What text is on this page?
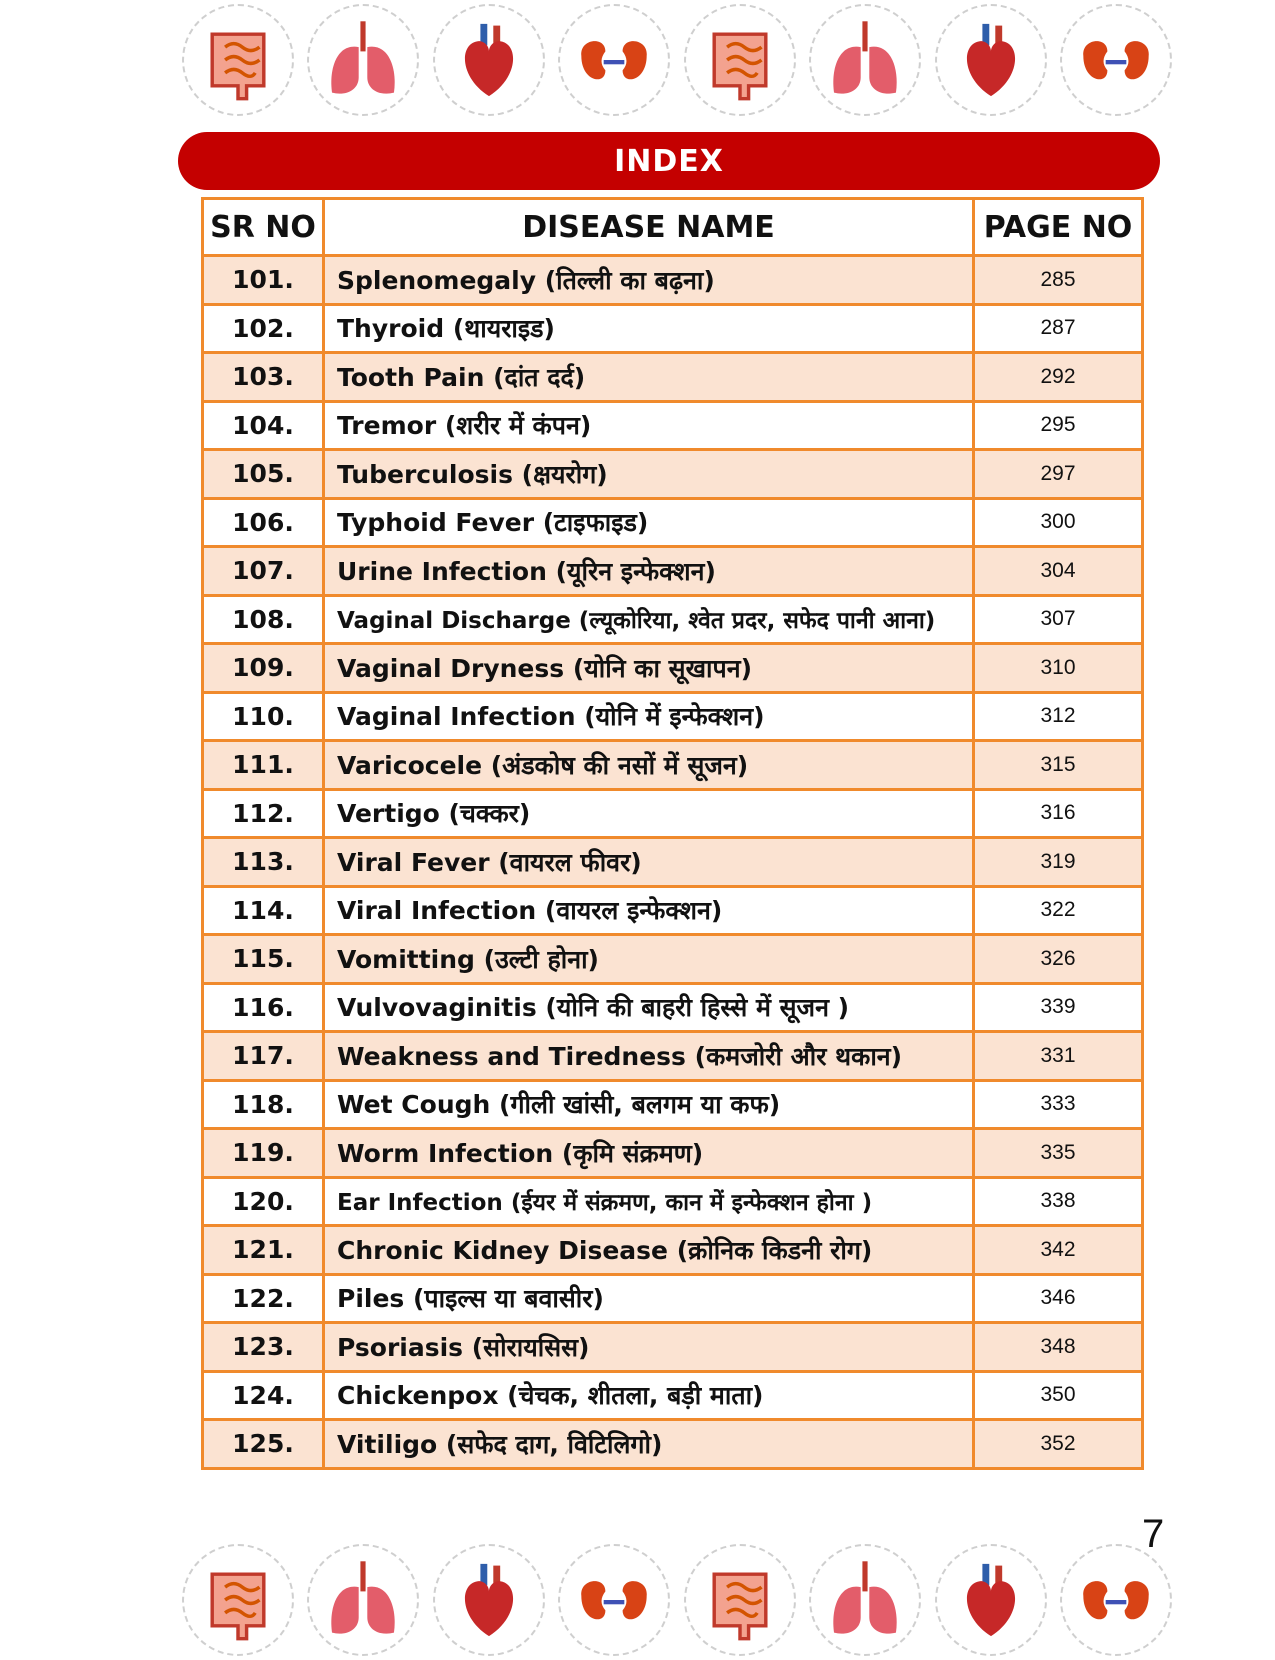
INDEX
SR NO	DISEASE NAME	PAGE NO
101.	Splenomegaly (तिल्ली का बढ़ना)	285
102.	Thyroid (थायराइड)	287
103.	Tooth Pain (दांत दर्द)	292
104.	Tremor (शरीर में कंपन)	295
105.	Tuberculosis (क्षयरोग)	297
106.	Typhoid Fever (टाइफाइड)	300
107.	Urine Infection (यूरिन इन्फेक्शन)	304
108.	Vaginal Discharge (ल्यूकोरिया, श्वेत प्रदर, सफेद पानी आना)	307
109.	Vaginal Dryness (योनि का सूखापन)	310
110.	Vaginal Infection (योनि में इन्फेक्शन)	312
111.	Varicocele (अंडकोष की नसों में सूजन)	315
112.	Vertigo (चक्कर)	316
113.	Viral Fever (वायरल फीवर)	319
114.	Viral Infection (वायरल इन्फेक्शन)	322
115.	Vomitting (उल्टी होना)	326
116.	Vulvovaginitis (योनि की बाहरी हिस्से में सूजन )	339
117.	Weakness and Tiredness (कमजोरी और थकान)	331
118.	Wet Cough (गीली खांसी, बलगम या कफ)	333
119.	Worm Infection (कृमि संक्रमण)	335
120.	Ear Infection (ईयर में संक्रमण, कान में इन्फेक्शन होना )	338
121.	Chronic Kidney Disease (क्रोनिक किडनी रोग)	342
122.	Piles (पाइल्स या बवासीर)	346
123.	Psoriasis (सोरायसिस)	348
124.	Chickenpox (चेचक, शीतला, बड़ी माता)	350
125.	Vitiligo (सफेद दाग, विटिलिगो)	352
7
